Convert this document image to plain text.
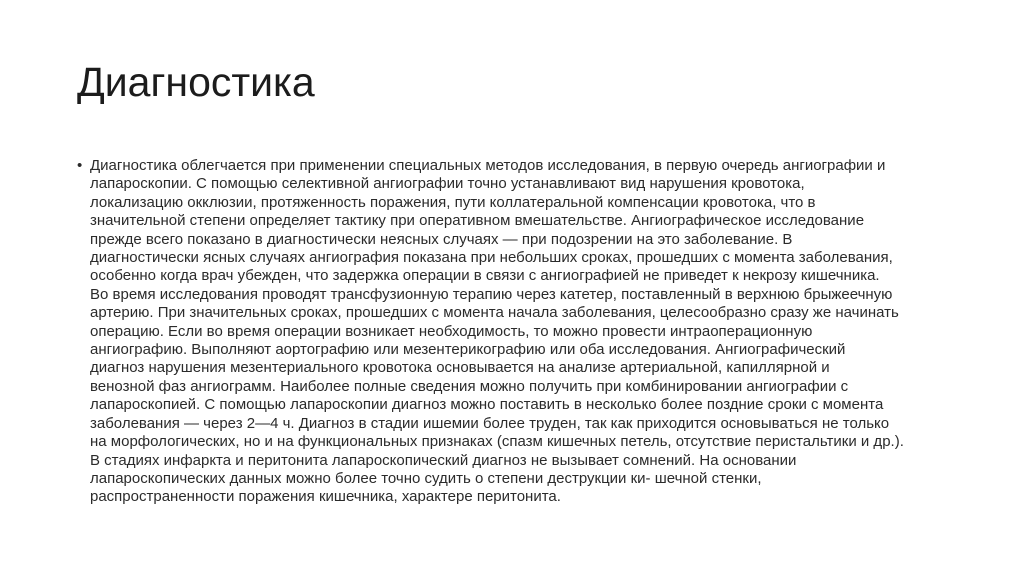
Диагностика
• Диагностика облегчается при применении специальных методов исследования, в первую очередь ангиографии и
лапароскопии. С помощью селективной ангиографии точно устанавливают вид нарушения кровотока,
локализацию окклюзии, протяженность поражения, пути коллатеральной компенсации кровотока, что в
значительной степени определяет тактику при оперативном вмешательстве. Ангиографическое исследование
прежде всего показано в диагностически неясных случаях — при подозрении на это заболевание. В
диагностически ясных случаях ангиография показана при небольших сроках, прошедших с момента заболевания,
особенно когда врач убежден, что задержка операции в связи с ангиографией не приведет к некрозу кишечника.
Во время исследования проводят трансфузионную терапию через катетер, поставленный в верхнюю брыжеечную
артерию. При значительных сроках, прошедших с момента начала заболевания, целесообразно сразу же начинать
операцию. Если во время операции возникает необходимость, то можно провести интраоперационную
ангиографию. Выполняют аортографию или мезентерикографию или оба исследования. Ангиографический
диагноз нарушения мезентериального кровотока основывается на анализе артериальной, капиллярной и
венозной фаз ангиограмм. Наиболее полные сведения можно получить при комбинировании ангиографии с
лапароскопией. С помощью лапароскопии диагноз можно поставить в несколько более поздние сроки с момента
заболевания — через 2—4 ч. Диагноз в стадии ишемии более труден, так как приходится основываться не только
на морфологических, но и на функциональных признаках (спазм кишечных петель, отсутствие перистальтики и др.).
В стадиях инфаркта и перитонита лапароскопический диагноз не вызывает сомнений. На основании
лапароскопических данных можно более точно судить о степени деструкции ки- шечной стенки,
распространенности поражения кишечника, характере перитонита.
